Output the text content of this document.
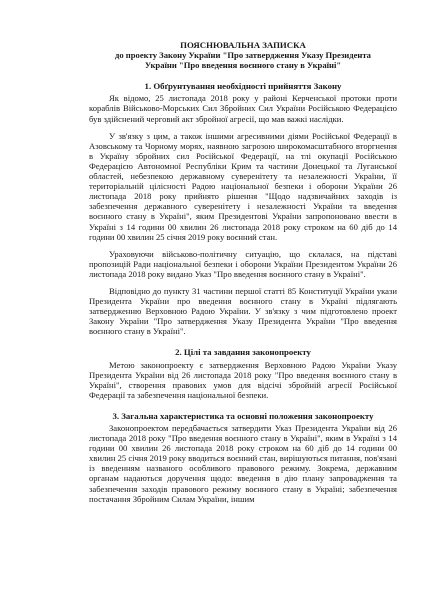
ПОЯСНЮВАЛЬНА ЗАПИСКА
до проекту Закону України "Про затвердження Указу Президента
України "Про введення воєнного стану в Україні"
1. Обґрунтування необхідності прийняття Закону

Як відомо, 25 листопада 2018 року у районі Керченської протоки проти кораблів Військово-Морських Сил Збройних Сил України Російською Федерацією був здійснений черговий акт збройної агресії, що мав важкі наслідки.

У зв'язку з цим, а також іншими агресивними діями Російської Федерації в Азовському та Чорному морях, наявною загрозою широкомасштабного вторгнення в Україну збройних сил Російської Федерації, на тлі окупації Російською Федерацією Автономної Республіки Крим та частини Донецької та Луганської областей, небезпекою державному суверенітету та незалежності України, її територіальній цілісності Радою національної безпеки і оборони України 26 листопада 2018 року прийнято рішення "Щодо надзвичайних заходів із забезпечення державного суверенітету і незалежності України та введення воєнного стану в Україні", яким Президентові України запропоновано ввести в Україні з 14 години 00 хвилин 26 листопада 2018 року строком на 60 діб до 14 години 00 хвилин 25 січня 2019 року воєнний стан.

Ураховуючи військово-політичну ситуацію, що склалася, на підставі пропозицій Ради національної безпеки і оборони України Президентом України 26 листопада 2018 року видано Указ "Про введення воєнного стану в Україні".

Відповідно до пункту 31 частини першої статті 85 Конституції України укази Президента України про введення воєнного стану в Україні підлягають затвердженню Верховною Радою України. У зв'язку з чим підготовлено проект Закону України "Про затвердження Указу Президента України "Про введення воєнного стану в Україні".

2. Цілі та завдання законопроекту

Метою законопроекту є затвердження Верховною Радою України Указу Президента України від 26 листопада 2018 року "Про введення воєнного стану в Україні", створення правових умов для відсічі збройній агресії Російської Федерації та забезпечення національної безпеки.

3. Загальна характеристика та основні положення законопроекту

Законопроектом передбачається затвердити Указ Президента України від 26 листопада 2018 року "Про введення воєнного стану в Україні", яким в Україні з 14 години 00 хвилин 26 листопада 2018 року строком на 60 діб до 14 години 00 хвилин 25 січня 2019 року вводиться воєнний стан, вирішуються питання, пов'язані із введенням названого особливого правового режиму. Зокрема, державним органам надаються доручення щодо: введення в дію плану запровадження та забезпечення заходів правового режиму воєнного стану в Україні; забезпечення постачання Збройним Силам України, іншим
